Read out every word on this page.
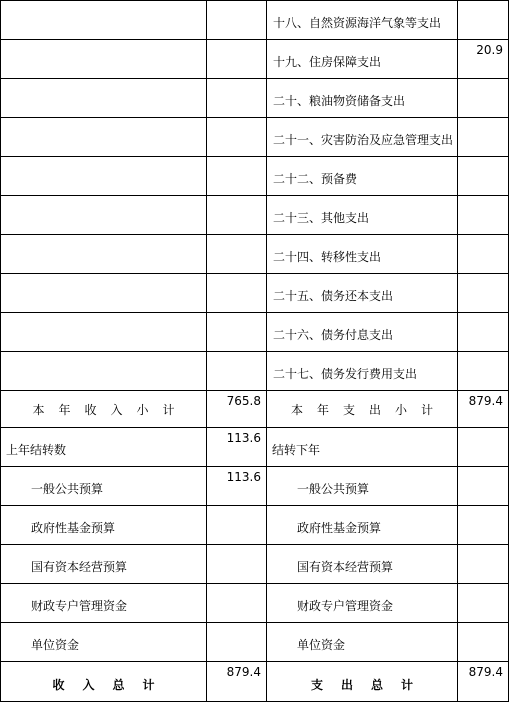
		十八、自然资源海洋气象等支出	
		十九、住房保障支出	20.9
		二十、粮油物资储备支出	
		二十一、灾害防治及应急管理支出	
		二十二、预备费	
		二十三、其他支出	
		二十四、转移性支出	
		二十五、债务还本支出	
		二十六、债务付息支出	
		二十七、债务发行费用支出	
本年收入小计	765.8	本年支出小计	879.4
上年结转数	113.6	结转下年	
一般公共预算	113.6	一般公共预算	
政府性基金预算		政府性基金预算	
国有资本经营预算		国有资本经营预算	
财政专户管理资金		财政专户管理资金	
单位资金		单位资金	
收入总计	879.4	支出总计	879.4
